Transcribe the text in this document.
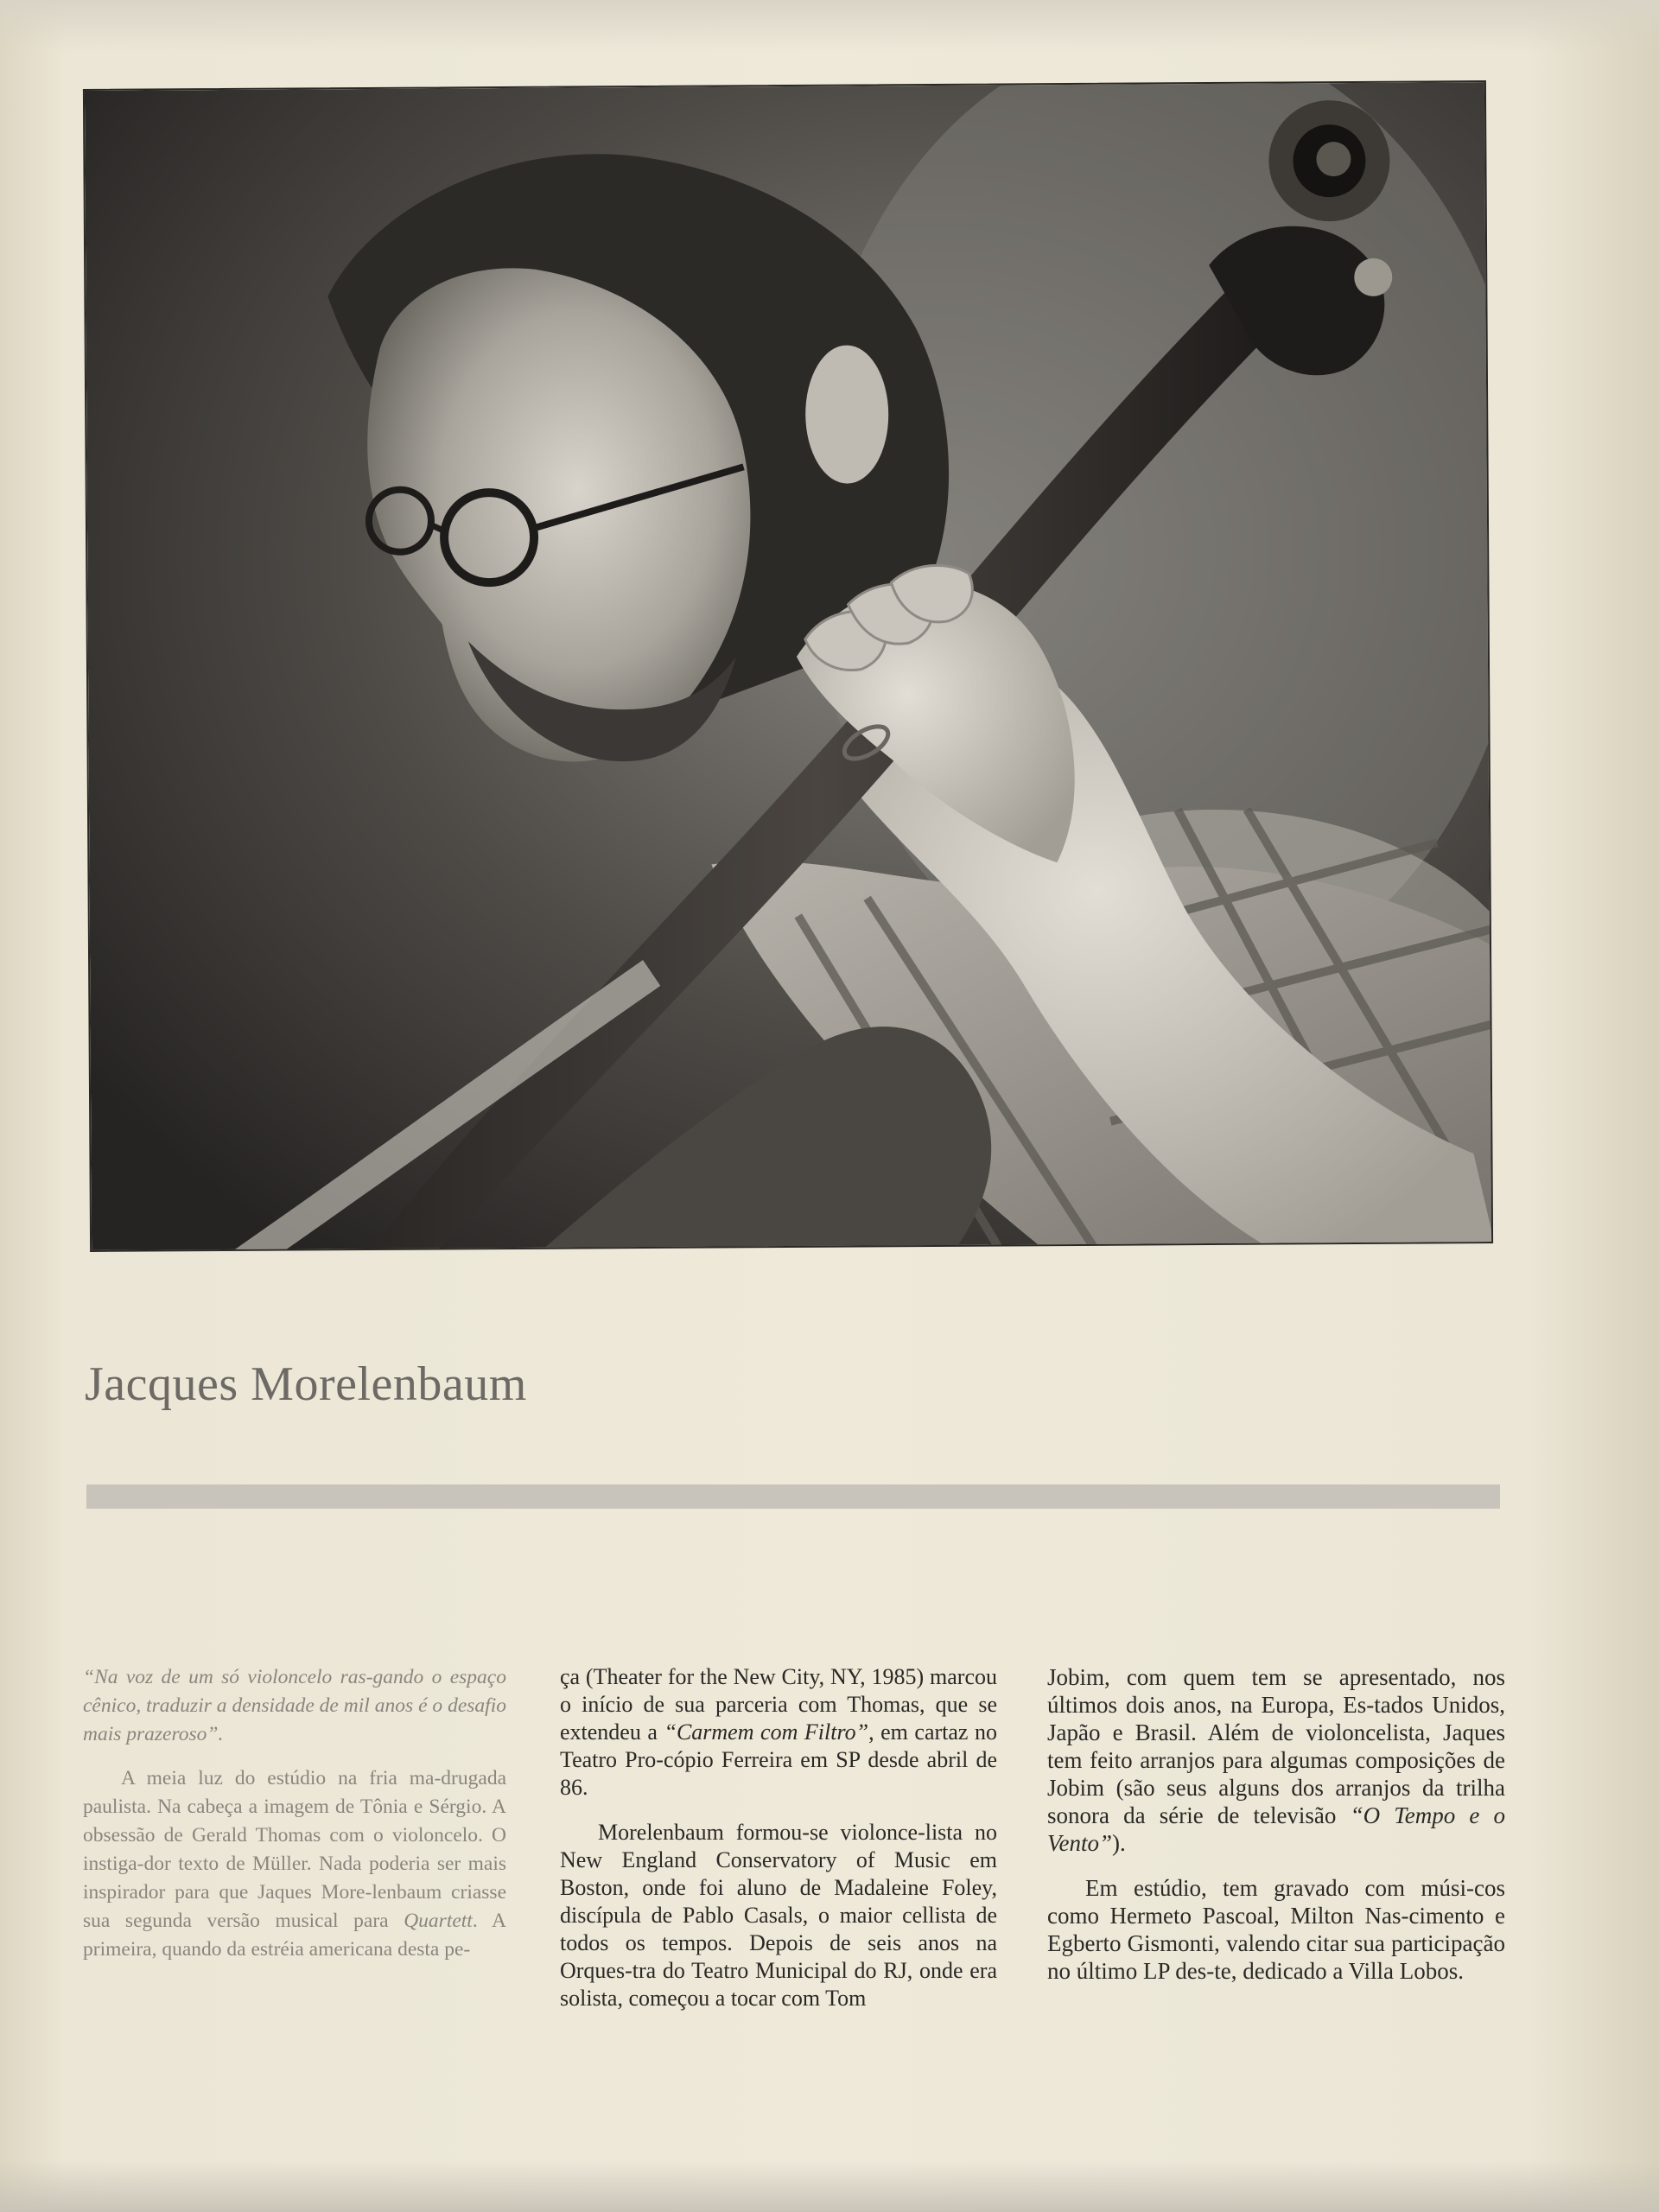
Jacques Morelenbaum

“Na voz de um só violoncelo ras-gando o espaço cênico, traduzir a densidade de mil anos é o desafio mais prazeroso”.

A meia luz do estúdio na fria ma-drugada paulista. Na cabeça a imagem de Tônia e Sérgio. A obsessão de Gerald Thomas com o violoncelo. O instiga-dor texto de Müller. Nada poderia ser mais inspirador para que Jaques More-lenbaum criasse sua segunda versão musical para Quartett. A primeira, quando da estréia americana desta pe-

ça (Theater for the New City, NY, 1985) marcou o início de sua parceria com Thomas, que se extendeu a “Carmem com Filtro”, em cartaz no Teatro Pro-cópio Ferreira em SP desde abril de 86.

Morelenbaum formou-se violonce-lista no New England Conservatory of Music em Boston, onde foi aluno de Madaleine Foley, discípula de Pablo Casals, o maior cellista de todos os tempos. Depois de seis anos na Orques-tra do Teatro Municipal do RJ, onde era solista, começou a tocar com Tom

Jobim, com quem tem se apresentado, nos últimos dois anos, na Europa, Es-tados Unidos, Japão e Brasil. Além de violoncelista, Jaques tem feito arranjos para algumas composições de Jobim (são seus alguns dos arranjos da trilha sonora da série de televisão “O Tempo e o Vento”).

Em estúdio, tem gravado com músi-cos como Hermeto Pascoal, Milton Nas-cimento e Egberto Gismonti, valendo citar sua participação no último LP des-te, dedicado a Villa Lobos.
